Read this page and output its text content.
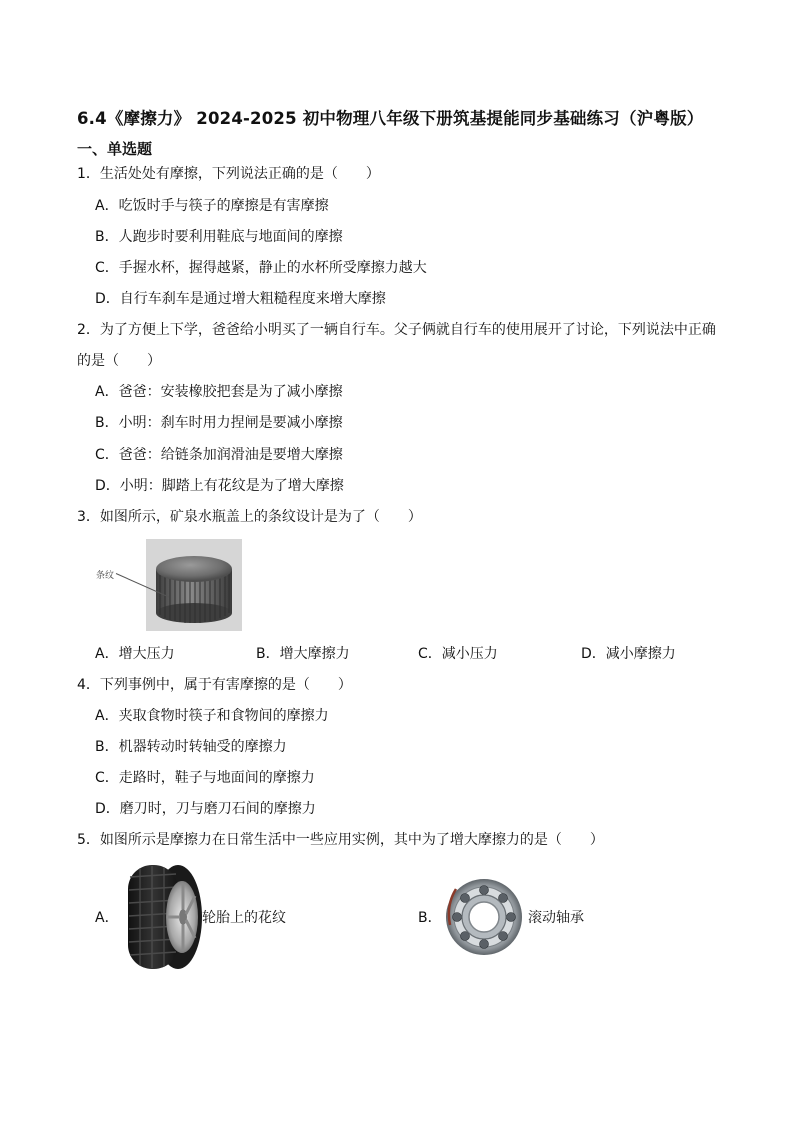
6.4《摩擦力》 2024-2025 初中物理八年级下册筑基提能同步基础练习（沪粤版）
一、单选题
1．生活处处有摩擦，下列说法正确的是（　　）
A．吃饭时手与筷子的摩擦是有害摩擦
B．人跑步时要利用鞋底与地面间的摩擦
C．手握水杯，握得越紧，静止的水杯所受摩擦力越大
D．自行车刹车是通过增大粗糙程度来增大摩擦
2．为了方便上下学，爸爸给小明买了一辆自行车。父子俩就自行车的使用展开了讨论，下列说法中正确
的是（　　）
A．爸爸：安装橡胶把套是为了减小摩擦
B．小明：刹车时用力捏闸是要减小摩擦
C．爸爸：给链条加润滑油是要增大摩擦
D．小明：脚踏上有花纹是为了增大摩擦
3．如图所示，矿泉水瓶盖上的条纹设计是为了（　　）
条纹
A．增大压力	B．增大摩擦力	C．减小压力	D．减小摩擦力
4．下列事例中，属于有害摩擦的是（　　）
A．夹取食物时筷子和食物间的摩擦力
B．机器转动时转轴受的摩擦力
C．走路时，鞋子与地面间的摩擦力
D．磨刀时，刀与磨刀石间的摩擦力
5．如图所示是摩擦力在日常生活中一些应用实例，其中为了增大摩擦力的是（　　）
A．	轮胎上的花纹	B．	滚动轴承
